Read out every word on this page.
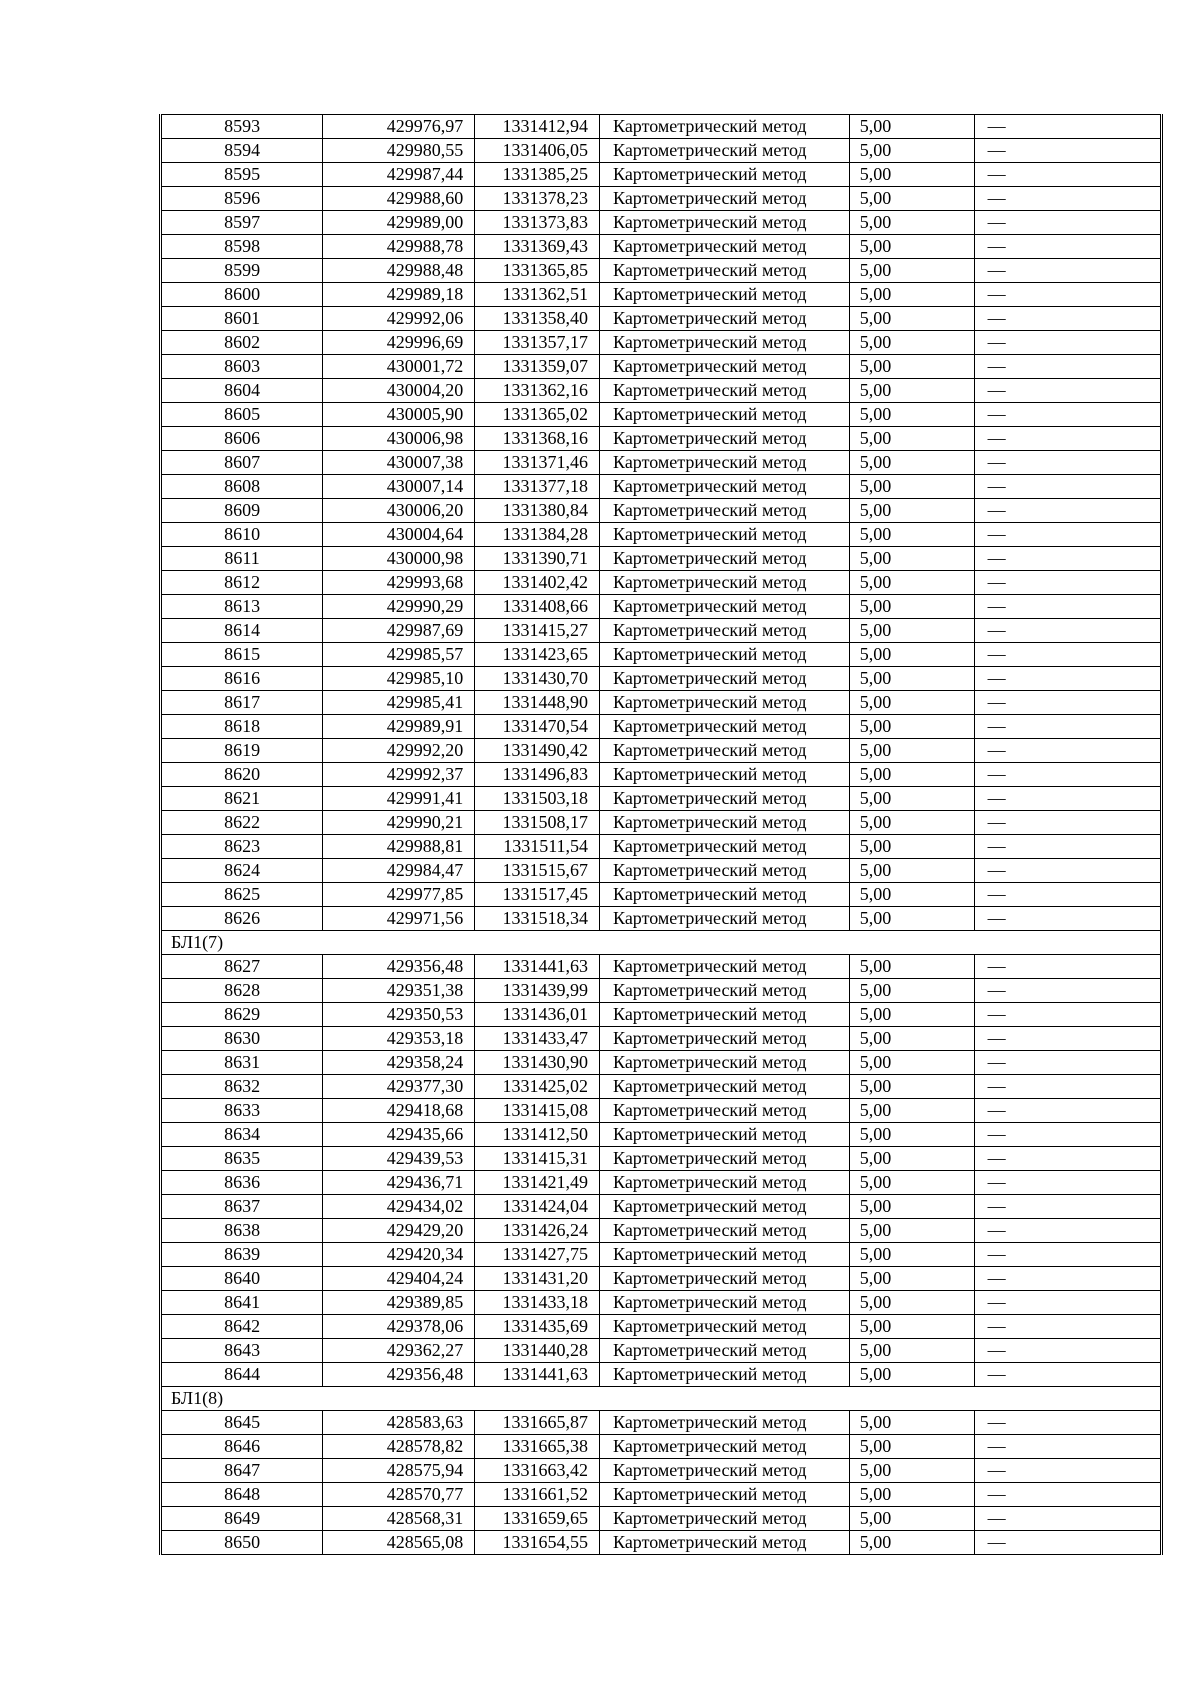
8593	429976,97	1331412,94	Картометрический метод	5,00	—
8594	429980,55	1331406,05	Картометрический метод	5,00	—
8595	429987,44	1331385,25	Картометрический метод	5,00	—
8596	429988,60	1331378,23	Картометрический метод	5,00	—
8597	429989,00	1331373,83	Картометрический метод	5,00	—
8598	429988,78	1331369,43	Картометрический метод	5,00	—
8599	429988,48	1331365,85	Картометрический метод	5,00	—
8600	429989,18	1331362,51	Картометрический метод	5,00	—
8601	429992,06	1331358,40	Картометрический метод	5,00	—
8602	429996,69	1331357,17	Картометрический метод	5,00	—
8603	430001,72	1331359,07	Картометрический метод	5,00	—
8604	430004,20	1331362,16	Картометрический метод	5,00	—
8605	430005,90	1331365,02	Картометрический метод	5,00	—
8606	430006,98	1331368,16	Картометрический метод	5,00	—
8607	430007,38	1331371,46	Картометрический метод	5,00	—
8608	430007,14	1331377,18	Картометрический метод	5,00	—
8609	430006,20	1331380,84	Картометрический метод	5,00	—
8610	430004,64	1331384,28	Картометрический метод	5,00	—
8611	430000,98	1331390,71	Картометрический метод	5,00	—
8612	429993,68	1331402,42	Картометрический метод	5,00	—
8613	429990,29	1331408,66	Картометрический метод	5,00	—
8614	429987,69	1331415,27	Картометрический метод	5,00	—
8615	429985,57	1331423,65	Картометрический метод	5,00	—
8616	429985,10	1331430,70	Картометрический метод	5,00	—
8617	429985,41	1331448,90	Картометрический метод	5,00	—
8618	429989,91	1331470,54	Картометрический метод	5,00	—
8619	429992,20	1331490,42	Картометрический метод	5,00	—
8620	429992,37	1331496,83	Картометрический метод	5,00	—
8621	429991,41	1331503,18	Картометрический метод	5,00	—
8622	429990,21	1331508,17	Картометрический метод	5,00	—
8623	429988,81	1331511,54	Картометрический метод	5,00	—
8624	429984,47	1331515,67	Картометрический метод	5,00	—
8625	429977,85	1331517,45	Картометрический метод	5,00	—
8626	429971,56	1331518,34	Картометрический метод	5,00	—
БЛ1(7)					
8627	429356,48	1331441,63	Картометрический метод	5,00	—
8628	429351,38	1331439,99	Картометрический метод	5,00	—
8629	429350,53	1331436,01	Картометрический метод	5,00	—
8630	429353,18	1331433,47	Картометрический метод	5,00	—
8631	429358,24	1331430,90	Картометрический метод	5,00	—
8632	429377,30	1331425,02	Картометрический метод	5,00	—
8633	429418,68	1331415,08	Картометрический метод	5,00	—
8634	429435,66	1331412,50	Картометрический метод	5,00	—
8635	429439,53	1331415,31	Картометрический метод	5,00	—
8636	429436,71	1331421,49	Картометрический метод	5,00	—
8637	429434,02	1331424,04	Картометрический метод	5,00	—
8638	429429,20	1331426,24	Картометрический метод	5,00	—
8639	429420,34	1331427,75	Картометрический метод	5,00	—
8640	429404,24	1331431,20	Картометрический метод	5,00	—
8641	429389,85	1331433,18	Картометрический метод	5,00	—
8642	429378,06	1331435,69	Картометрический метод	5,00	—
8643	429362,27	1331440,28	Картометрический метод	5,00	—
8644	429356,48	1331441,63	Картометрический метод	5,00	—
БЛ1(8)					
8645	428583,63	1331665,87	Картометрический метод	5,00	—
8646	428578,82	1331665,38	Картометрический метод	5,00	—
8647	428575,94	1331663,42	Картометрический метод	5,00	—
8648	428570,77	1331661,52	Картометрический метод	5,00	—
8649	428568,31	1331659,65	Картометрический метод	5,00	—
8650	428565,08	1331654,55	Картометрический метод	5,00	—
